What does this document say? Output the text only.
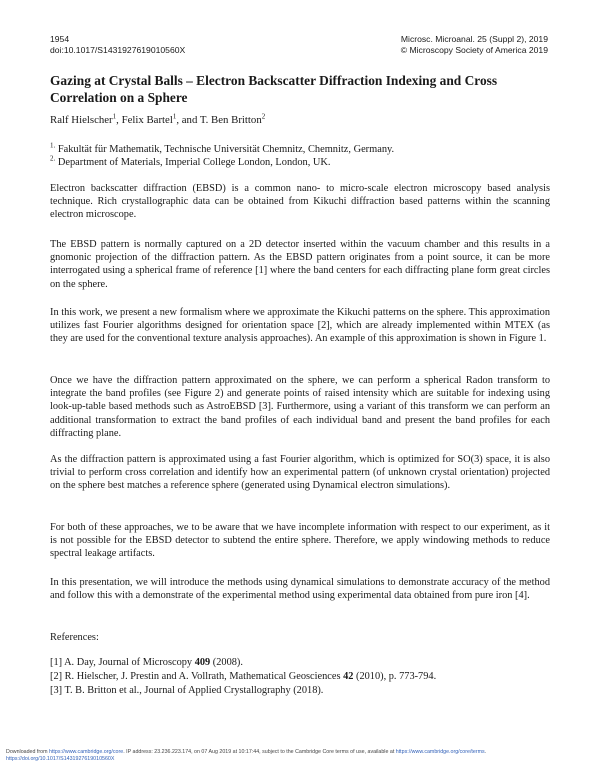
1954
doi:10.1017/S1431927619010560X
Microsc. Microanal. 25 (Suppl 2), 2019
© Microscopy Society of America 2019
Gazing at Crystal Balls – Electron Backscatter Diffraction Indexing and Cross Correlation on a Sphere
Ralf Hielscher$^1$, Felix Bartel$^1$, and T. Ben Britton$^2$
$^{1.}$ Fakultät für Mathematik, Technische Universität Chemnitz, Chemnitz, Germany.
$^{2.}$ Department of Materials, Imperial College London, London, UK.
Electron backscatter diffraction (EBSD) is a common nano- to micro-scale electron microscopy based analysis technique. Rich crystallographic data can be obtained from Kikuchi diffraction based patterns within the scanning electron microscope.
The EBSD pattern is normally captured on a 2D detector inserted within the vacuum chamber and this results in a gnomonic projection of the diffraction pattern. As the EBSD pattern originates from a point source, it can be more interrogated using a spherical frame of reference [1] where the band centers for each diffracting plane form great circles on the sphere.
In this work, we present a new formalism where we approximate the Kikuchi patterns on the sphere. This approximation utilizes fast Fourier algorithms designed for orientation space [2], which are already implemented within MTEX (as they are used for the conventional texture analysis approaches). An example of this approximation is shown in Figure 1.
Once we have the diffraction pattern approximated on the sphere, we can perform a spherical Radon transform to integrate the band profiles (see Figure 2) and generate points of raised intensity which are suitable for indexing using look-up-table based methods such as AstroEBSD [3]. Furthermore, using a variant of this transform we can perform an additional transformation to extract the band profiles of each individual band and present the band profiles for each diffracting plane.
As the diffraction pattern is approximated using a fast Fourier algorithm, which is optimized for SO(3) space, it is also trivial to perform cross correlation and identify how an experimental pattern (of unknown crystal orientation) projected on the sphere best matches a reference sphere (generated using Dynamical electron simulations).
For both of these approaches, we to be aware that we have incomplete information with respect to our experiment, as it is not possible for the EBSD detector to subtend the entire sphere. Therefore, we apply windowing methods to reduce spectral leakage artifacts.
In this presentation, we will introduce the methods using dynamical simulations to demonstrate accuracy of the method and follow this with a demonstrate of the experimental method using experimental data obtained from pure iron [4].
References:
[1] A. Day, Journal of Microscopy 409 (2008).
[2] R. Hielscher, J. Prestin and A. Vollrath, Mathematical Geosciences 42 (2010), p. 773-794.
[3] T. B. Britton et al., Journal of Applied Crystallography (2018).
Downloaded from https://www.cambridge.org/core. IP address: 23.236.223.174, on 07 Aug 2019 at 10:17:44, subject to the Cambridge Core terms of use, available at https://www.cambridge.org/core/terms.
https://doi.org/10.1017/S1431927619010560X
